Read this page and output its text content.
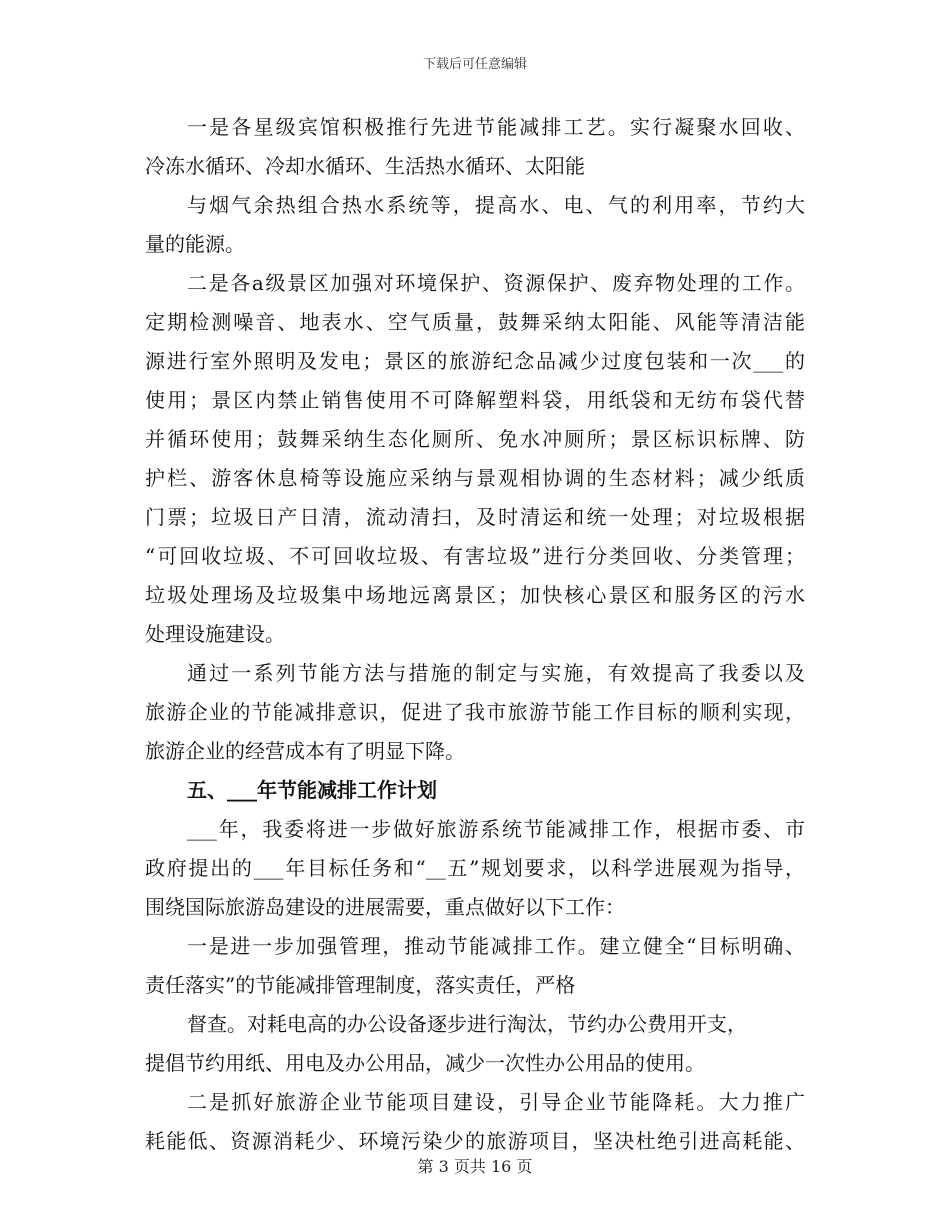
下载后可任意编辑
一是各星级宾馆积极推行先进节能减排工艺。实行凝聚水回收、
冷冻水循环、冷却水循环、生活热水循环、太阳能
与烟气余热组合热水系统等，提高水、电、气的利用率，节约大
量的能源。
二是各a级景区加强对环境保护、资源保护、废弃物处理的工作。
定期检测噪音、地表水、空气质量，鼓舞采纳太阳能、风能等清洁能
源进行室外照明及发电；景区的旅游纪念品减少过度包装和一次___的
使用；景区内禁止销售使用不可降解塑料袋，用纸袋和无纺布袋代替
并循环使用；鼓舞采纳生态化厕所、免水冲厕所；景区标识标牌、防
护栏、游客休息椅等设施应采纳与景观相协调的生态材料；减少纸质
门票；垃圾日产日清，流动清扫，及时清运和统一处理；对垃圾根据
“可回收垃圾、不可回收垃圾、有害垃圾”进行分类回收、分类管理；
垃圾处理场及垃圾集中场地远离景区；加快核心景区和服务区的污水
处理设施建设。
通过一系列节能方法与措施的制定与实施，有效提高了我委以及
旅游企业的节能减排意识，促进了我市旅游节能工作目标的顺利实现，
旅游企业的经营成本有了明显下降。
五、___年节能减排工作计划
___年，我委将进一步做好旅游系统节能减排工作，根据市委、市
政府提出的___年目标任务和“__五”规划要求，以科学进展观为指导，
围绕国际旅游岛建设的进展需要，重点做好以下工作：
一是进一步加强管理，推动节能减排工作。建立健全“目标明确、
责任落实”的节能减排管理制度，落实责任，严格
督查。对耗电高的办公设备逐步进行淘汰，节约办公费用开支，
提倡节约用纸、用电及办公用品，减少一次性办公用品的使用。
二是抓好旅游企业节能项目建设，引导企业节能降耗。大力推广
耗能低、资源消耗少、环境污染少的旅游项目，坚决杜绝引进高耗能、
第 3 页共 16 页
